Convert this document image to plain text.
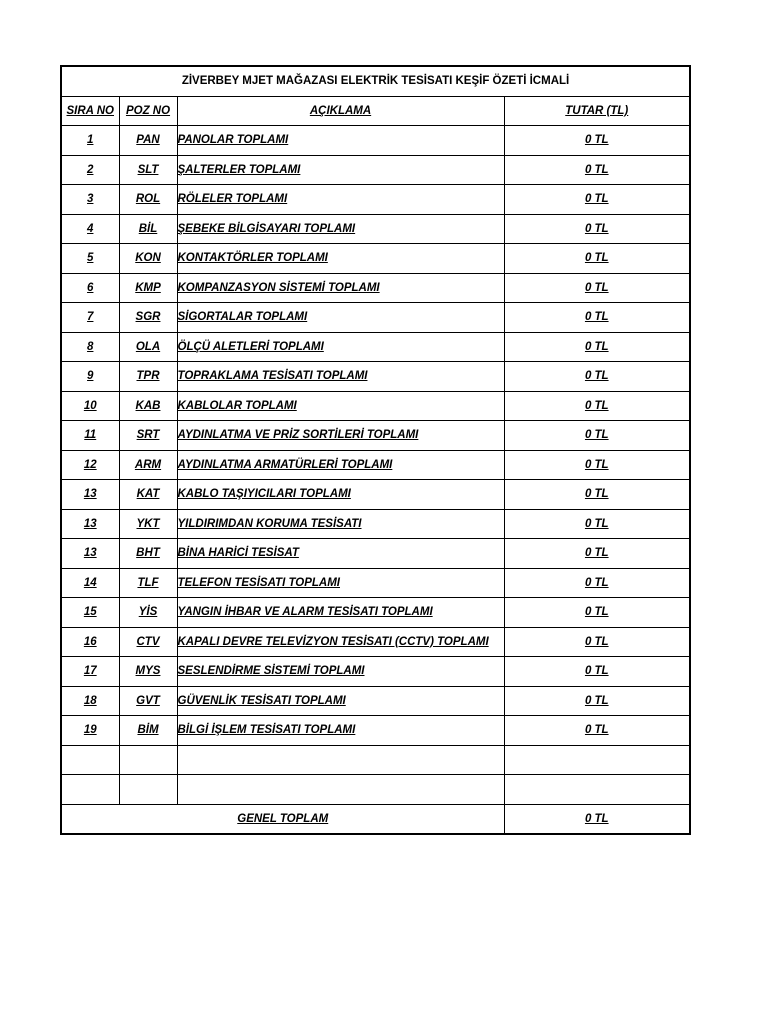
ZİVERBEY MJET MAĞAZASI ELEKTRİK TESİSATI KEŞİF ÖZETİ İCMALİ			
SIRA NO	POZ NO	AÇIKLAMA	TUTAR (TL)
1	PAN	PANOLAR TOPLAMI	0 TL
2	SLT	ŞALTERLER TOPLAMI	0 TL
3	ROL	RÖLELER TOPLAMI	0 TL
4	BİL	ŞEBEKE BİLGİSAYARI TOPLAMI	0 TL
5	KON	KONTAKTÖRLER TOPLAMI	0 TL
6	KMP	KOMPANZASYON SİSTEMİ TOPLAMI	0 TL
7	SGR	SİGORTALAR TOPLAMI	0 TL
8	OLA	ÖLÇÜ ALETLERİ TOPLAMI	0 TL
9	TPR	TOPRAKLAMA TESİSATI TOPLAMI	0 TL
10	KAB	KABLOLAR TOPLAMI	0 TL
11	SRT	AYDINLATMA VE PRİZ SORTİLERİ TOPLAMI	0 TL
12	ARM	AYDINLATMA ARMATÜRLERİ TOPLAMI	0 TL
13	KAT	KABLO TAŞIYICILARI TOPLAMI	0 TL
13	YKT	YILDIRIMDAN KORUMA TESİSATI	0 TL
13	BHT	BİNA HARİCİ TESİSAT	0 TL
14	TLF	TELEFON TESİSATI TOPLAMI	0 TL
15	YİS	YANGIN İHBAR VE ALARM TESİSATI TOPLAMI	0 TL
16	CTV	KAPALI DEVRE TELEVİZYON TESİSATI (CCTV) TOPLAMI	0 TL
17	MYS	SESLENDİRME SİSTEMİ TOPLAMI	0 TL
18	GVT	GÜVENLİK TESİSATI TOPLAMI	0 TL
19	BİM	BİLGİ İŞLEM TESİSATI TOPLAMI	0 TL

GENEL TOPLAM			0 TL
